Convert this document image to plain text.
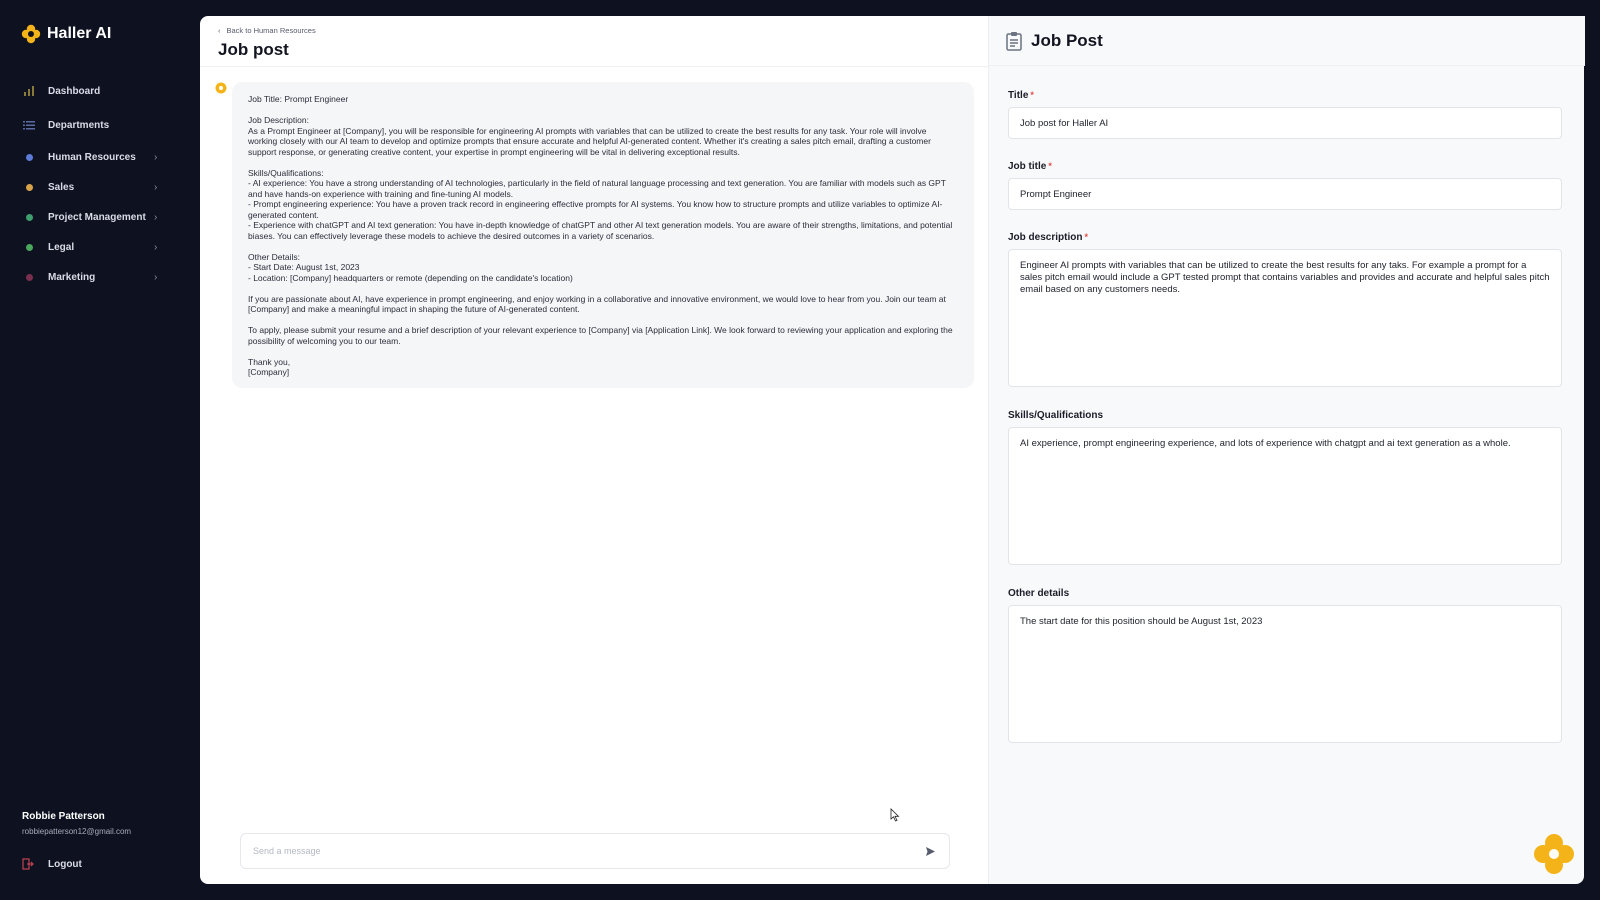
Haller AI
Dashboard
Departments
Human Resources	›
Sales	›
Project Management ›
Legal	›
Marketing	›
Robbie Patterson
robbiepatterson12@gmail.com
Logout
‹ Back to Human Resources
Job post
Job Title: Prompt Engineer

Job Description:
As a Prompt Engineer at [Company], you will be responsible for engineering AI prompts with variables that can be utilized to create the best results for any task. Your role will involve working closely with our AI team to develop and optimize prompts that ensure accurate and helpful AI-generated content. Whether it's creating a sales pitch email, drafting a customer support response, or generating creative content, your expertise in prompt engineering will be vital in delivering exceptional results.

Skills/Qualifications:
- AI experience: You have a strong understanding of AI technologies, particularly in the field of natural language processing and text generation. You are familiar with models such as GPT and have hands-on experience with training and fine-tuning AI models.
- Prompt engineering experience: You have a proven track record in engineering effective prompts for AI systems. You know how to structure prompts and utilize variables to optimize AI-generated content.
- Experience with chatGPT and AI text generation: You have in-depth knowledge of chatGPT and other AI text generation models. You are aware of their strengths, limitations, and potential biases. You can effectively leverage these models to achieve the desired outcomes in a variety of scenarios.

Other Details:
- Start Date: August 1st, 2023
- Location: [Company] headquarters or remote (depending on the candidate's location)

If you are passionate about AI, have experience in prompt engineering, and enjoy working in a collaborative and innovative environment, we would love to hear from you. Join our team at [Company] and make a meaningful impact in shaping the future of AI-generated content.

To apply, please submit your resume and a brief description of your relevant experience to [Company] via [Application Link]. We look forward to reviewing your application and exploring the possibility of welcoming you to our team.

Thank you,
[Company]
Send a message
Job Post
Title *
Job post for Haller AI
Job title *
Prompt Engineer
Job description *
Engineer AI prompts with variables that can be utilized to create the best results for any taks. For example a prompt for a sales pitch email would include a GPT tested prompt that contains variables and provides and accurate and helpful sales pitch email based on any customers needs.
Skills/Qualifications
AI experience, prompt engineering experience, and lots of experience with chatgpt and ai text generation as a whole.
Other details
The start date for this position should be August 1st, 2023
